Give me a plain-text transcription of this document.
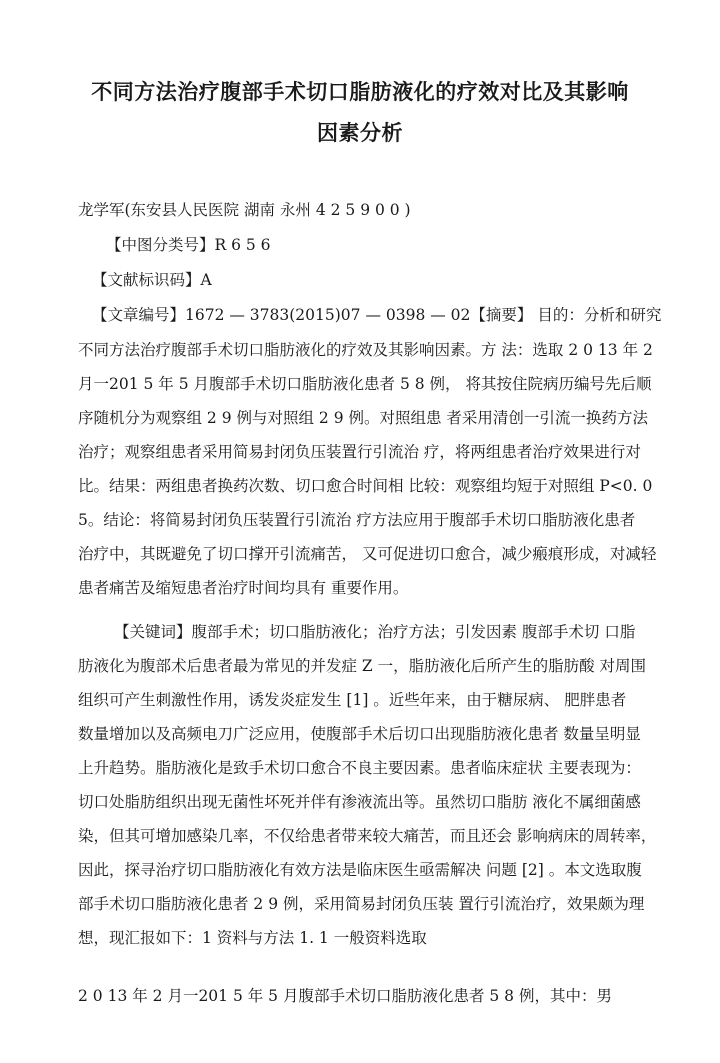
不同方法治疗腹部手术切口脂肪液化的疗效对比及其影响
因素分析

龙学军(东安县人民医院 湖南 永州 4 2 5 9 0 0 )

【中图分类号】R 6 5 6

【文献标识码】A

【文章编号】1672 — 3783(2015)07 — 0398 — 02【摘要】 目的：分析和研究

不同方法治疗腹部手术切口脂肪液化的疗效及其影响因素。方 法：选取 2 0 13 年 2

月一201 5 年 5 月腹部手术切口脂肪液化患者 5 8 例， 将其按住院病历编号先后顺

序随机分为观察组 2 9 例与对照组 2 9 例。对照组患 者采用清创一引流一换药方法

治疗；观察组患者采用简易封闭负压装置行引流治 疗，将两组患者治疗效果进行对

比。结果：两组患者换药次数、切口愈合时间相 比较：观察组均短于对照组 P<0. 0

5。结论：将简易封闭负压装置行引流治 疗方法应用于腹部手术切口脂肪液化患者

治疗中，其既避免了切口撑开引流痛苦， 又可促进切口愈合，减少瘢痕形成，对减轻

患者痛苦及缩短患者治疗时间均具有 重要作用。

【关键词】腹部手术；切口脂肪液化；治疗方法；引发因素 腹部手术切 口脂

肪液化为腹部术后患者最为常见的并发症 Z 一，脂肪液化后所产生的脂肪酸 对周围

组织可产生刺激性作用，诱发炎症发生 [1] 。近些年来，由于糖尿病、 肥胖患者

数量增加以及高频电刀广泛应用，使腹部手术后切口出现脂肪液化患者 数量呈明显

上升趋势。脂肪液化是致手术切口愈合不良主要因素。患者临床症状 主要表现为：

切口处脂肪组织出现无菌性坏死并伴有渗液流出等。虽然切口脂肪 液化不属细菌感

染，但其可增加感染几率，不仅给患者带来较大痛苦，而且还会 影响病床的周转率，

因此，探寻治疗切口脂肪液化有效方法是临床医生亟需解决 问题 [2] 。本文选取腹

部手术切口脂肪液化患者 2 9 例，采用简易封闭负压装 置行引流治疗，效果颇为理

想，现汇报如下：1 资料与方法 1. 1 一般资料选取

2 0 13 年 2 月一201 5 年 5 月腹部手术切口脂肪液化患者 5 8 例，其中：男
